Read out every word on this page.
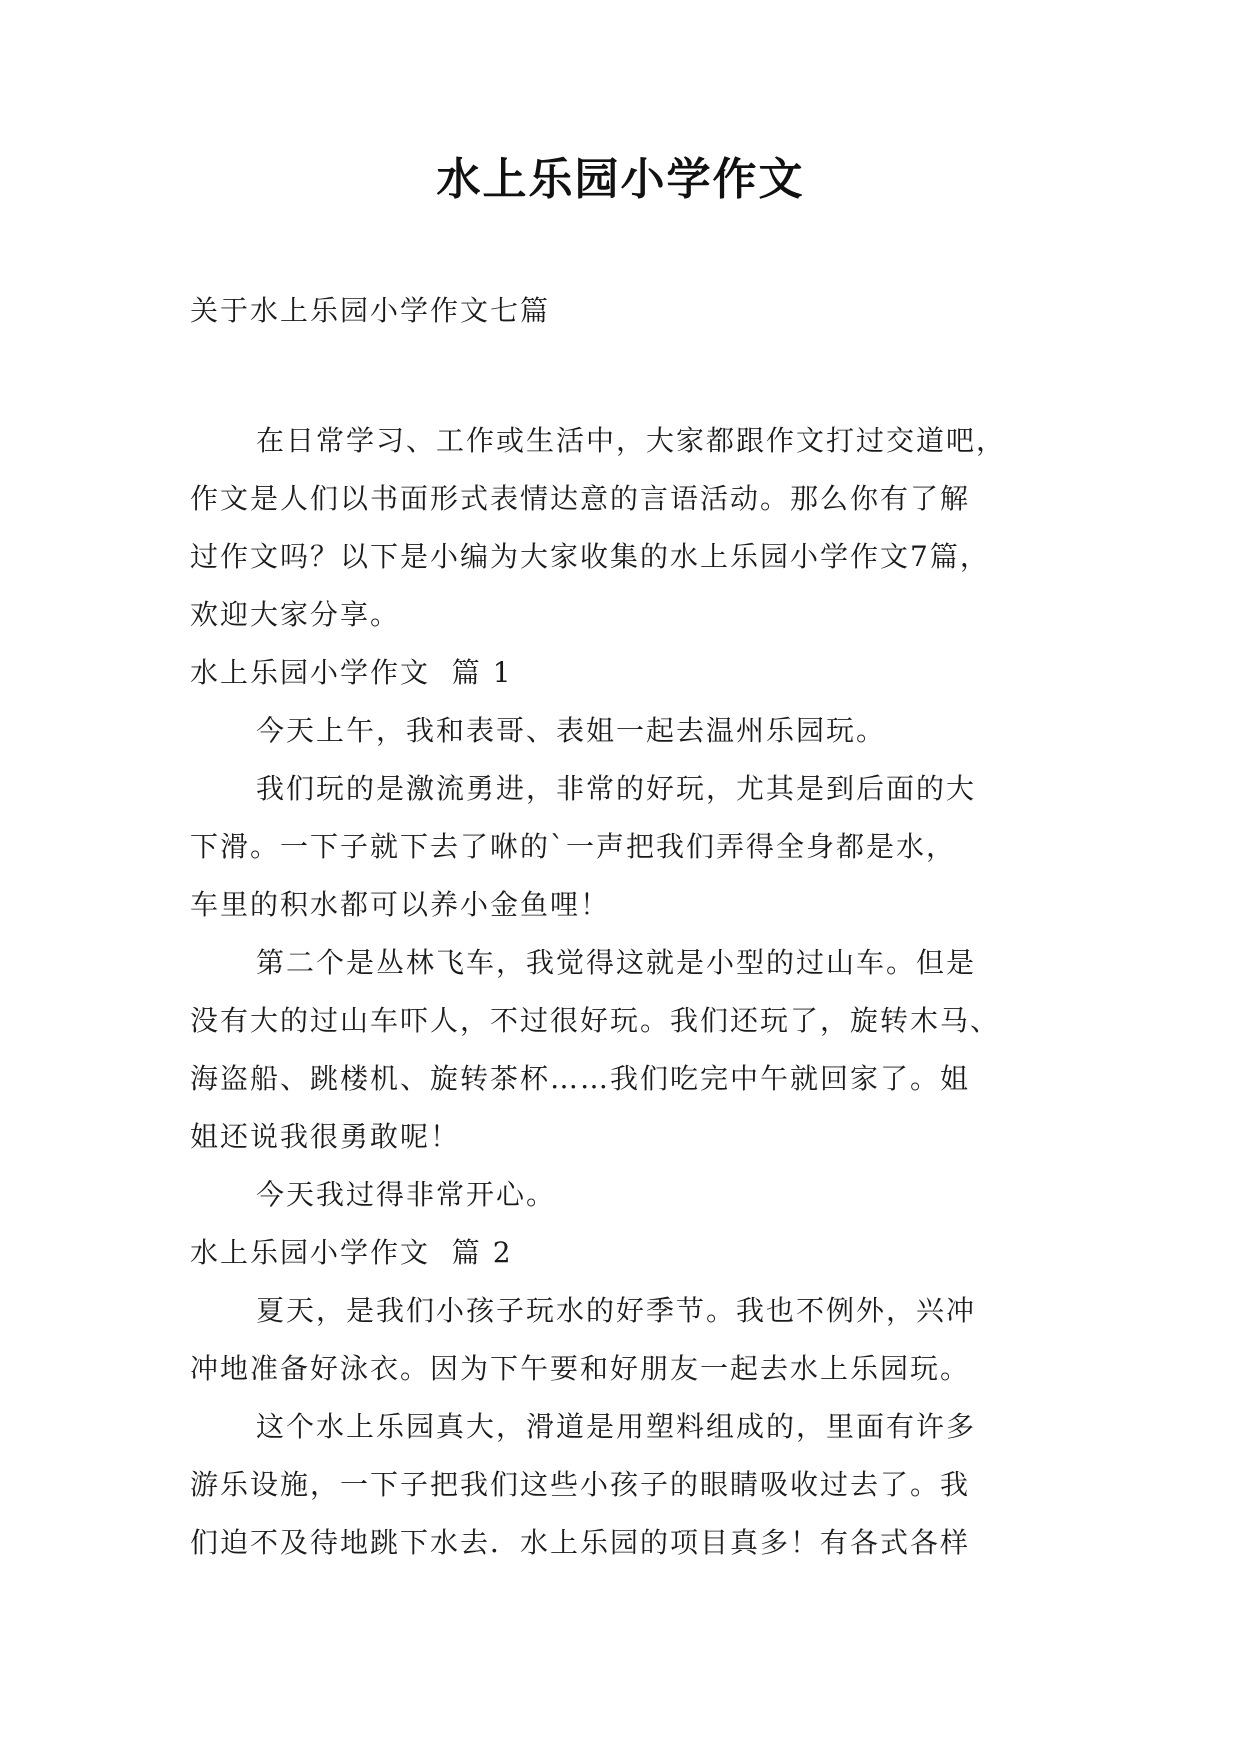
水上乐园小学作文
关于水上乐园小学作文七篇
在日常学习、工作或生活中，大家都跟作文打过交道吧，
作文是人们以书面形式表情达意的言语活动。那么你有了解
过作文吗？以下是小编为大家收集的水上乐园小学作文7篇，
欢迎大家分享。
水上乐园小学作文  篇 1
今天上午，我和表哥、表姐一起去温州乐园玩。
我们玩的是激流勇进，非常的好玩，尤其是到后面的大
下滑。一下子就下去了咻的`一声把我们弄得全身都是水，
车里的积水都可以养小金鱼哩！
第二个是丛林飞车，我觉得这就是小型的过山车。但是
没有大的过山车吓人，不过很好玩。我们还玩了，旋转木马、
海盗船、跳楼机、旋转茶杯……我们吃完中午就回家了。姐
姐还说我很勇敢呢！
今天我过得非常开心。
水上乐园小学作文  篇 2
夏天，是我们小孩子玩水的好季节。我也不例外，兴冲
冲地准备好泳衣。因为下午要和好朋友一起去水上乐园玩。
这个水上乐园真大，滑道是用塑料组成的，里面有许多
游乐设施，一下子把我们这些小孩子的眼睛吸收过去了。我
们迫不及待地跳下水去．水上乐园的项目真多！有各式各样
